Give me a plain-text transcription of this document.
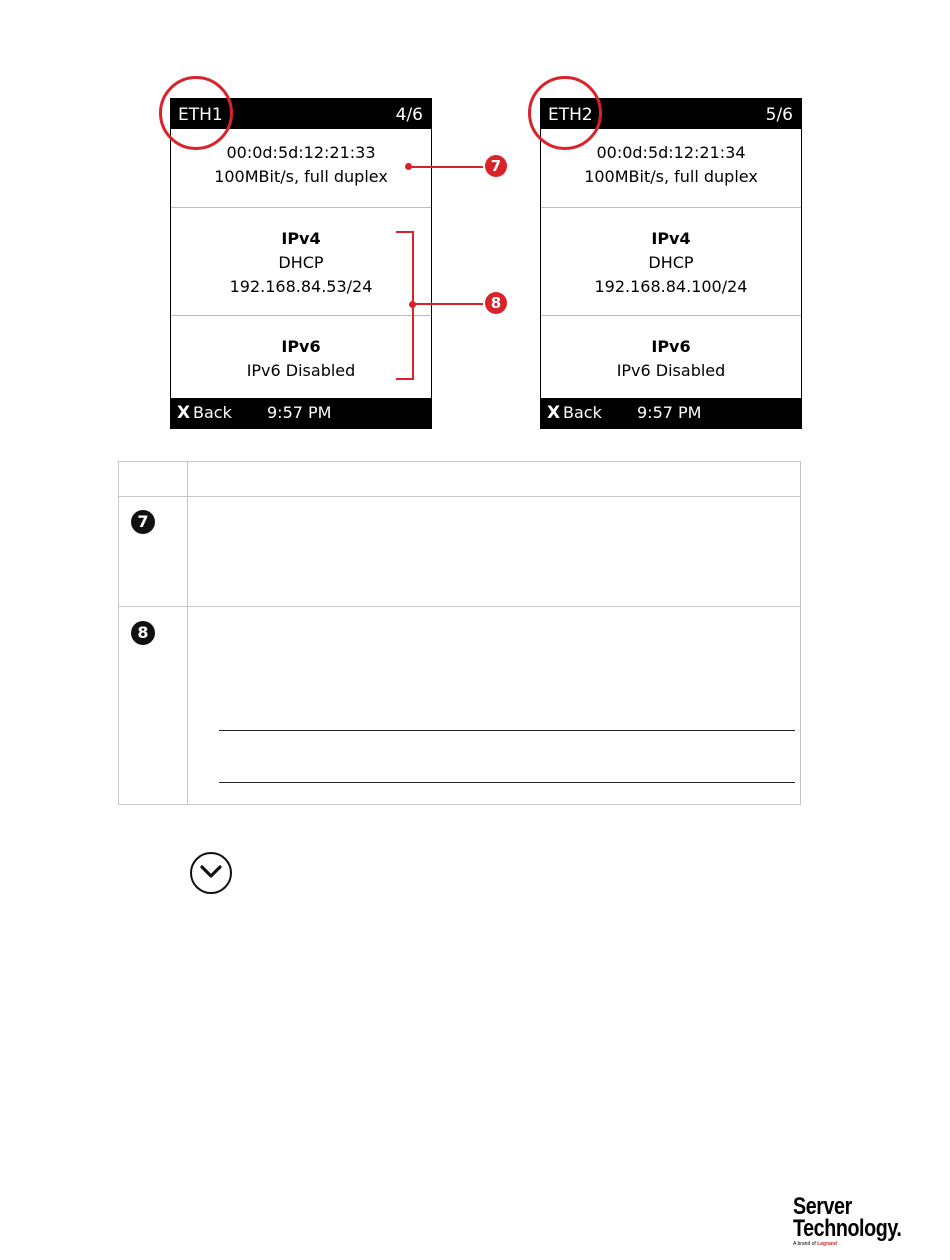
ETH1	4/6
00:0d:5d:12:21:33
100MBit/s, full duplex
IPv4
DHCP
192.168.84.53/24
IPv6
IPv6 Disabled
X Back 9:57 PM
ETH2	5/6
00:0d:5d:12:21:34
100MBit/s, full duplex
IPv4
DHCP
192.168.84.100/24
IPv6
IPv6 Disabled
X Back 9:57 PM
7
8
7
8
Server
Technology.
A brand of Legrand
